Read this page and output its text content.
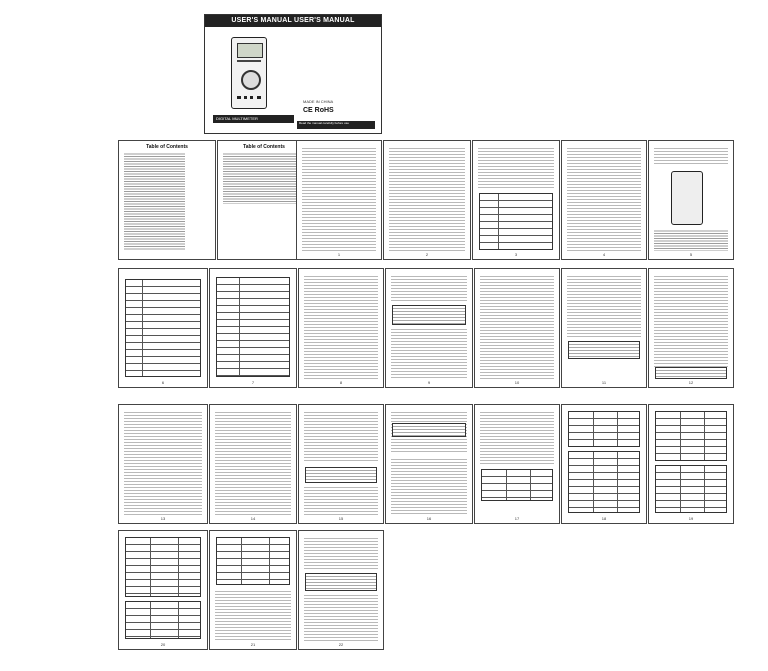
USER'S MANUAL USER'S MANUAL
MADE IN CHINA
CE RoHS
DIGITAL MULTIMETER
Read the manual carefully before use
Table of Contents	Table of Contents
1	2	3	4	5
6	7	8	9	10	11	12
13	14	15	16	17	18	19
20	21	22
